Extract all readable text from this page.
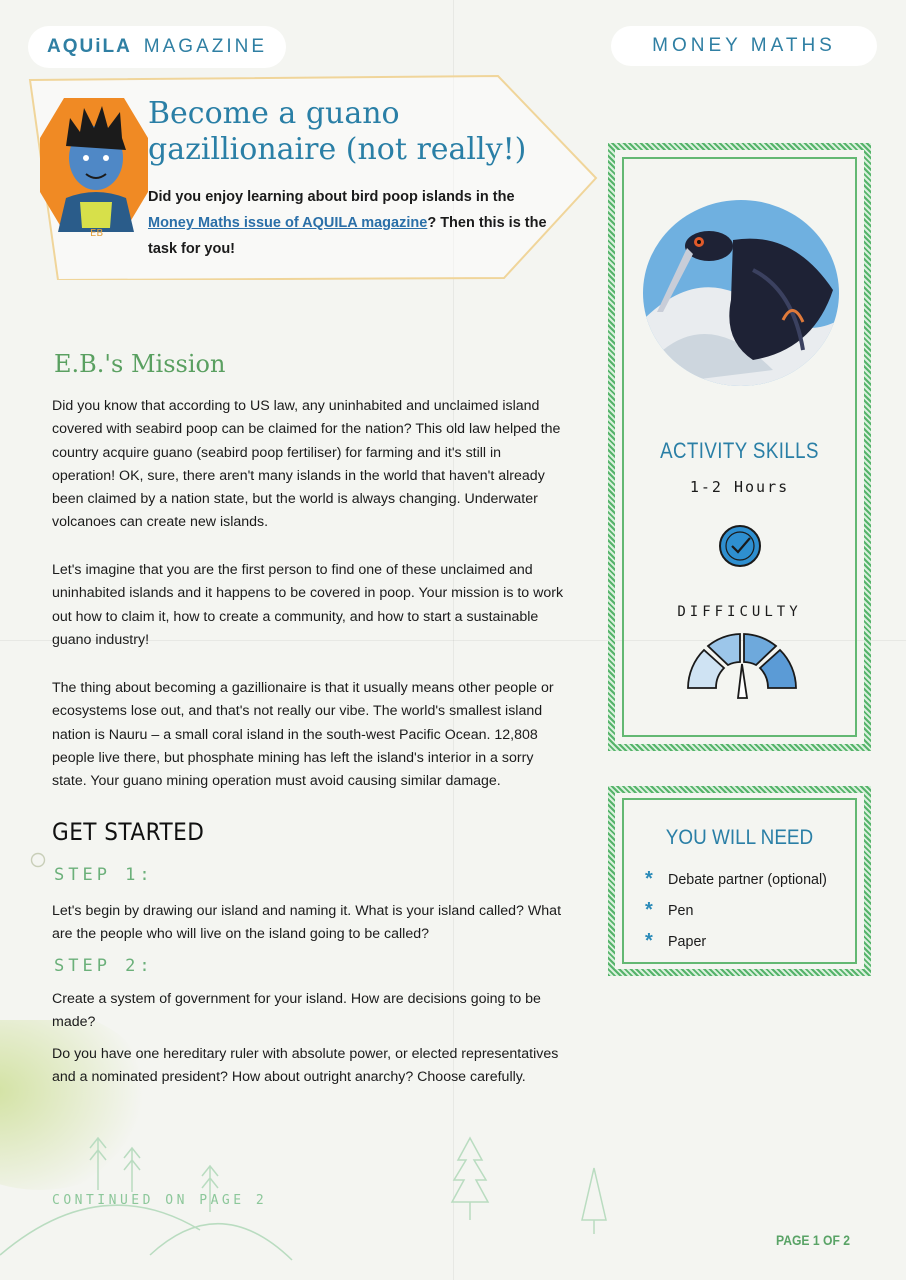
AQUiLA MAGAZINE	MONEY MATHS
EB
Become a guano
gazillionaire (not really!)
Did you enjoy learning about bird poop islands in the Money Maths issue of AQUILA magazine? Then this is the task for you!
E.B.'s Mission

Did you know that according to US law, any uninhabited and unclaimed island covered with seabird poop can be claimed for the nation? This old law helped the country acquire guano (seabird poop fertiliser) for farming and it's still in operation! OK, sure, there aren't many islands in the world that haven't already been claimed by a nation state, but the world is always changing. Underwater volcanoes can create new islands.

Let's imagine that you are the first person to find one of these unclaimed and uninhabited islands and it happens to be covered in poop. Your mission is to work out how to claim it, how to create a community, and how to start a sustainable guano industry!

The thing about becoming a gazillionaire is that it usually means other people or ecosystems lose out, and that's not really our vibe. The world's smallest island nation is Nauru – a small coral island in the south-west Pacific Ocean. 12,808 people live there, but phosphate mining has left the island's interior in a sorry state. Your guano mining operation must avoid causing similar damage.

GET STARTED
STEP 1:

Let's begin by drawing our island and naming it. What is your island called? What are the people who will live on the island going to be called?

STEP 2:

Create a system of government for your island. How are decisions going to be made?

Do you have one hereditary ruler with absolute power, or elected representatives and a nominated president? How about outright anarchy? Choose carefully.

CONTINUED ON PAGE 2
PAGE 1 OF 2
ACTIVITY SKILLS
1-2 Hours
DIFFICULTY
YOU WILL NEED
*	Debate partner (optional)
*	Pen
*	Paper
